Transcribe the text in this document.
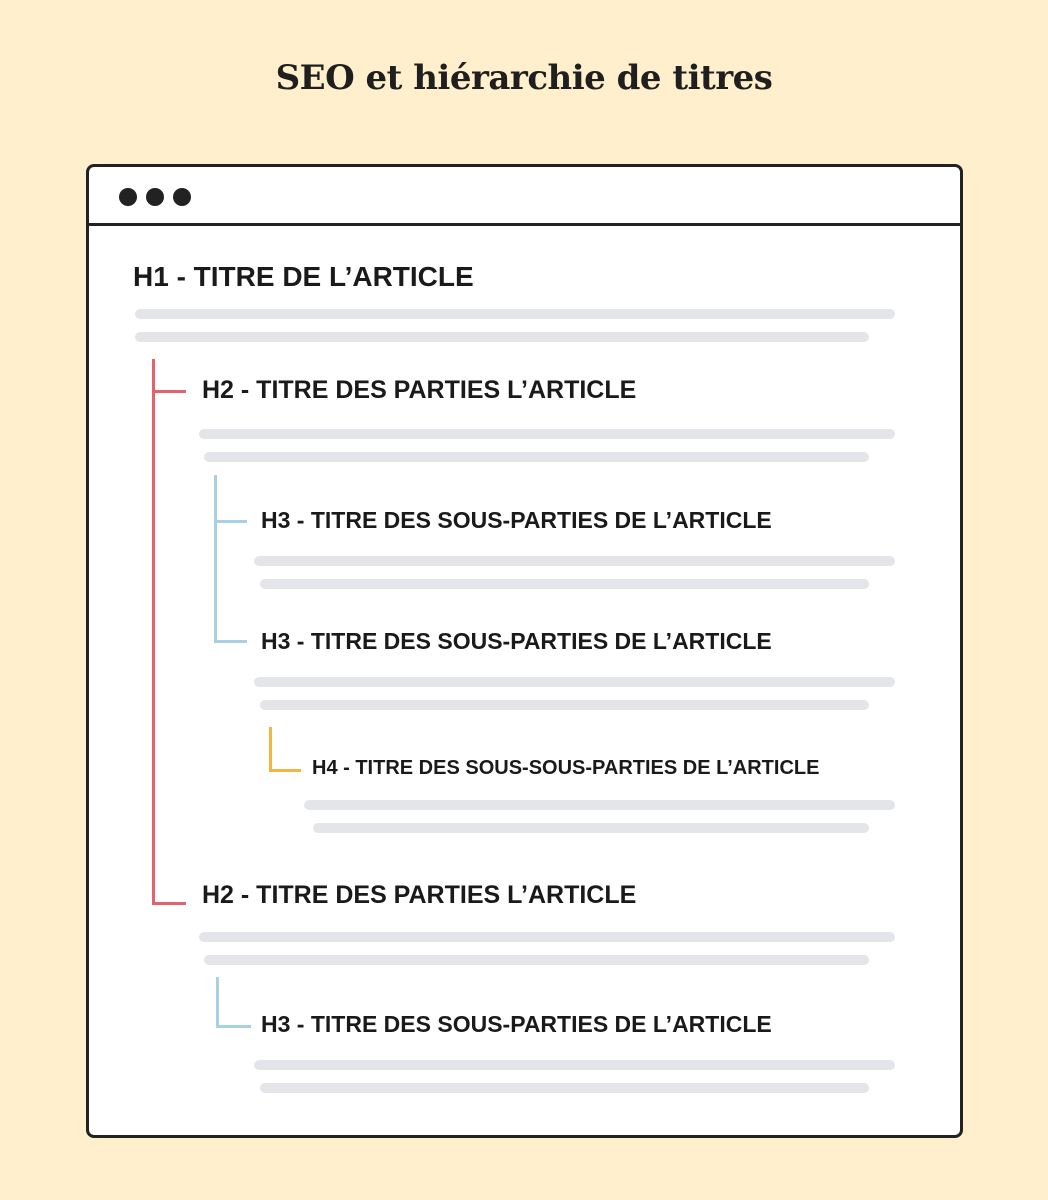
SEO et hiérarchie de titres
H1 - TITRE DE L’ARTICLE
H2 - TITRE DES PARTIES L’ARTICLE
H3 - TITRE DES SOUS-PARTIES DE L’ARTICLE
H3 - TITRE DES SOUS-PARTIES DE L’ARTICLE
H4 - TITRE DES SOUS-SOUS-PARTIES DE L’ARTICLE
H2 - TITRE DES PARTIES L’ARTICLE
H3 - TITRE DES SOUS-PARTIES DE L’ARTICLE
